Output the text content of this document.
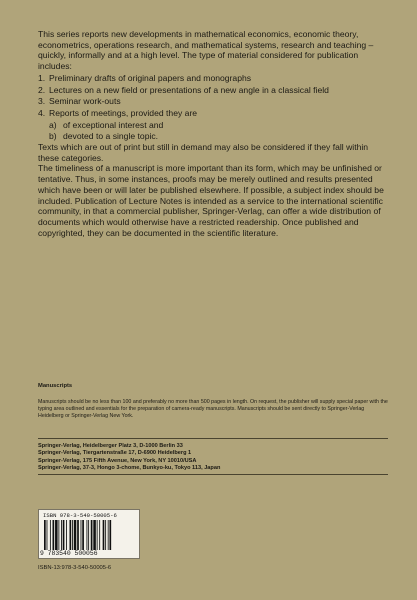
This series reports new developments in mathematical economics, economic theory, econometrics, operations research, and mathematical systems, research and teaching – quickly, informally and at a high level. The type of material considered for publication includes:

1. Preliminary drafts of original papers and monographs
2. Lectures on a new field or presentations of a new angle in a classical field
3. Seminar work-outs
4. Reports of meetings, provided they are
a) of exceptional interest and
b) devoted to a single topic.

Texts which are out of print but still in demand may also be considered if they fall within these categories.

The timeliness of a manuscript is more important than its form, which may be unfinished or tentative. Thus, in some instances, proofs may be merely outlined and results presented which have been or will later be published elsewhere. If possible, a subject index should be included. Publication of Lecture Notes is intended as a service to the international scientific community, in that a commercial publisher, Springer-Verlag, can offer a wide distribution of documents which would otherwise have a restricted readership. Once published and copyrighted, they can be documented in the scientific literature.

Manuscripts
Manuscripts should be no less than 100 and preferably no more than 500 pages in length. On request, the publisher will supply special paper with the typing area outlined and essentials for the preparation of camera-ready manuscripts. Manuscripts should be sent directly to Springer-Verlag Heidelberg or Springer-Verlag New York.
Springer-Verlag, Heidelberger Platz 3, D-1000 Berlin 33
Springer-Verlag, Tiergartenstraße 17, D-6900 Heidelberg 1
Springer-Verlag, 175 Fifth Avenue, New York, NY 10010/USA
Springer-Verlag, 37-3, Hongo 3-chome, Bunkyo-ku, Tokyo 113, Japan
ISBN 978-3-540-50005-6
9 783540 500056
ISBN-13:978-3-540-50005-6
